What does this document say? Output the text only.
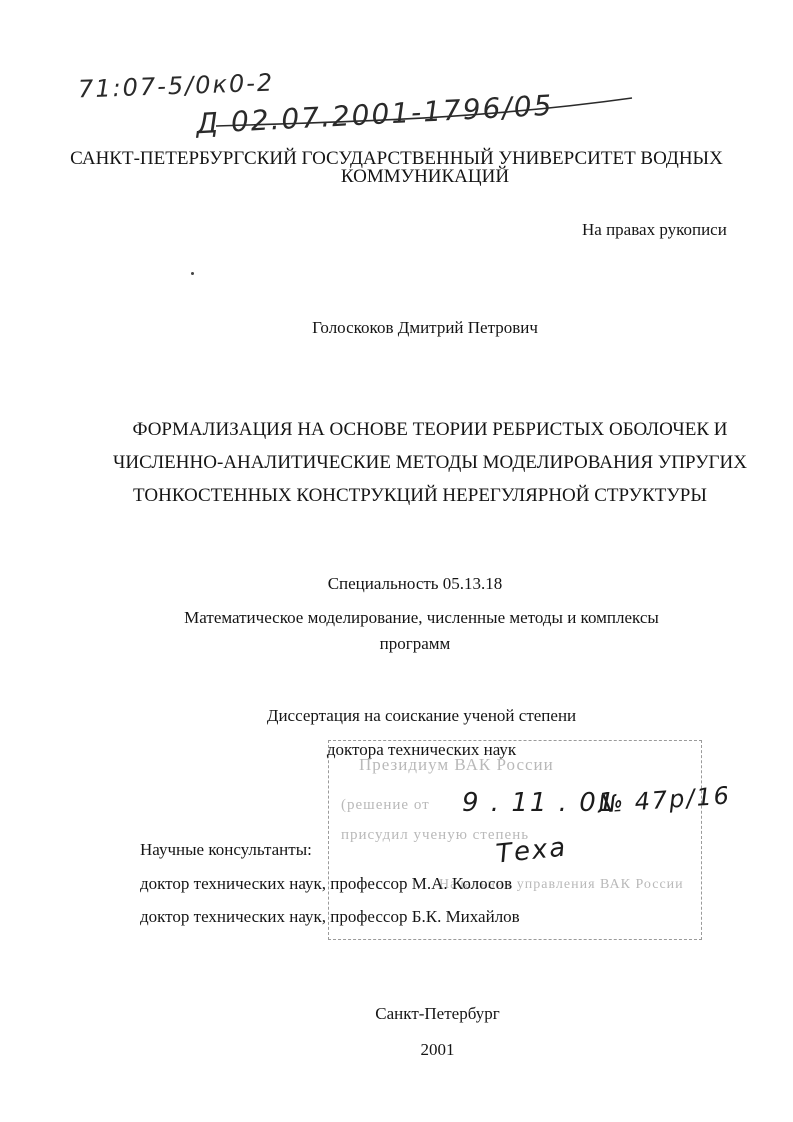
71:07-5/0к0-2
Д 02.07.2001-1796/05
САНКТ-ПЕТЕРБУРГСКИЙ ГОСУДАРСТВЕННЫЙ УНИВЕРСИТЕТ ВОДНЫХ
КОММУНИКАЦИЙ
На правах рукописи
Голоскоков Дмитрий Петрович
ФОРМАЛИЗАЦИЯ НА ОСНОВЕ ТЕОРИИ РЕБРИСТЫХ ОБОЛОЧЕК И
ЧИСЛЕННО-АНАЛИТИЧЕСКИЕ МЕТОДЫ МОДЕЛИРОВАНИЯ УПРУГИХ
ТОНКОСТЕННЫХ КОНСТРУКЦИЙ НЕРЕГУЛЯРНОЙ СТРУКТУРЫ
Специальность 05.13.18
Математическое моделирование, численные методы и комплексы
программ
Диссертация на соискание ученой степени
доктора технических наук
Президиум ВАК России
(решение от
присудил ученую степень
Начальник управления ВАК России
9 . 11 . 01
№ 47р/16
Тexa
Научные консультанты:
доктор технических наук, профессор М.А. Колосов
доктор технических наук, профессор Б.К. Михайлов
Санкт-Петербург
2001
